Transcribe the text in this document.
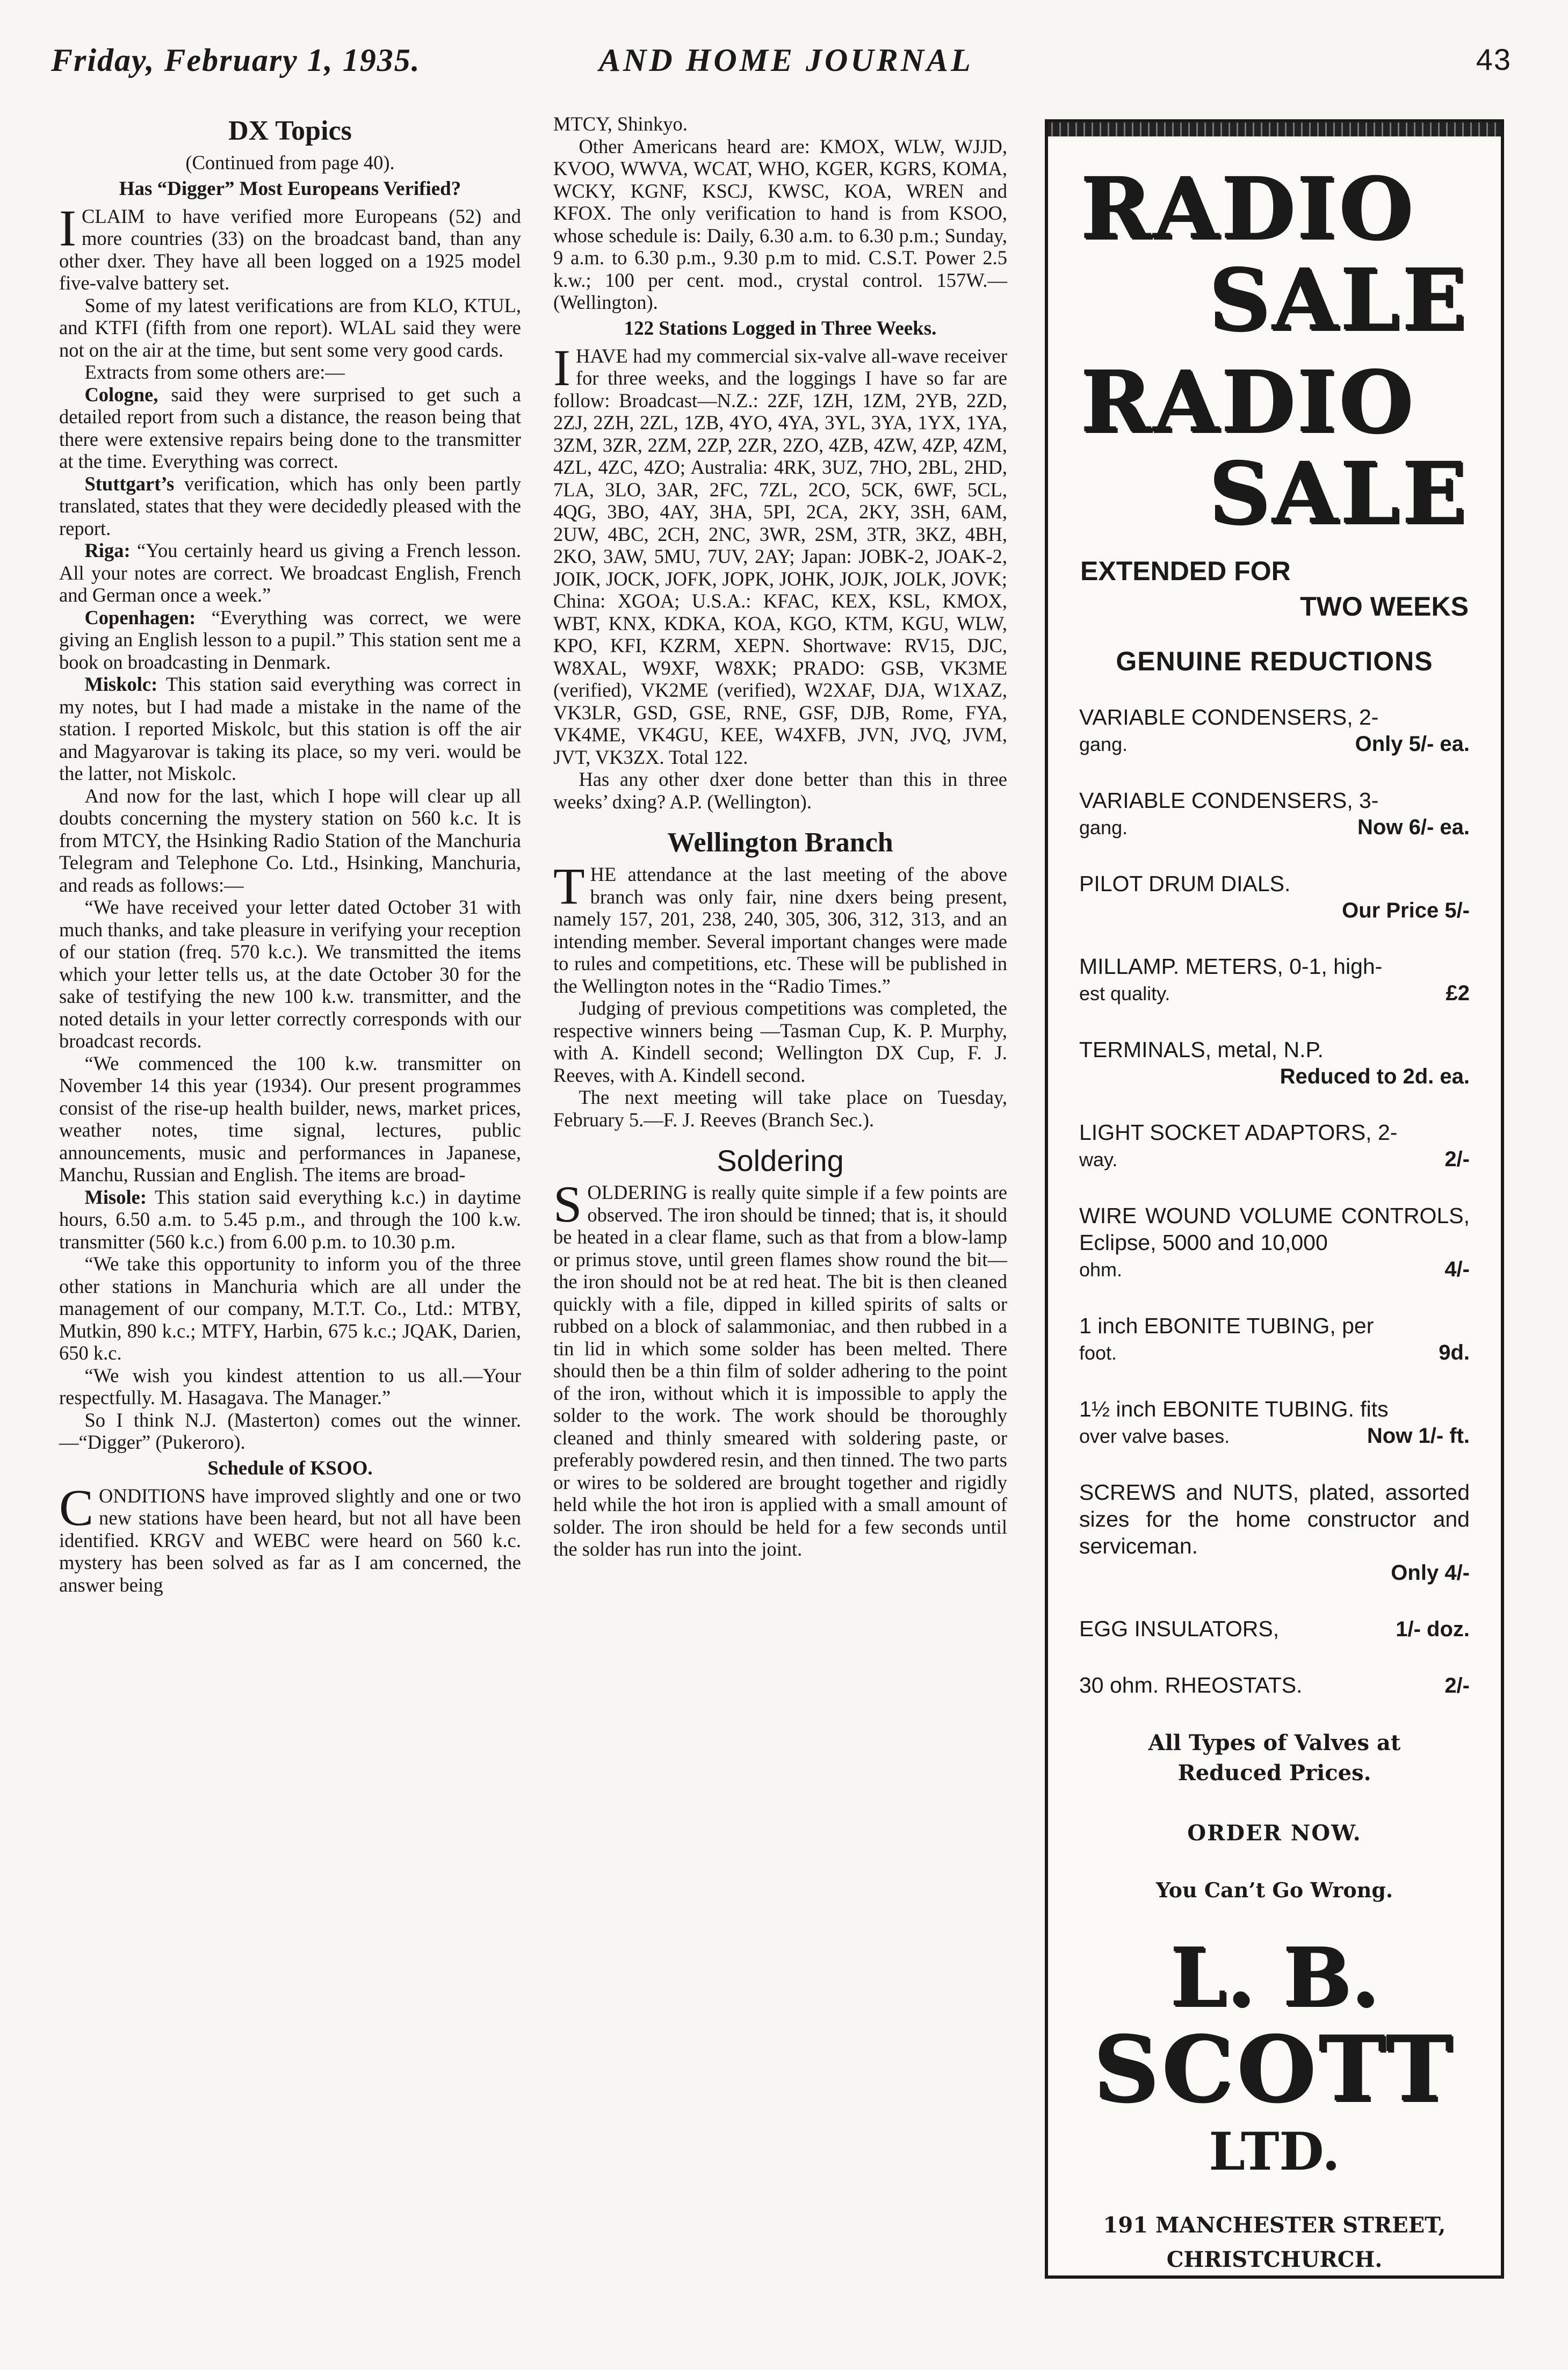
Friday, February 1, 1935.	AND HOME JOURNAL	43
DX Topics

(Continued from page 40).

Has “Digger” Most Europeans Verified?

ICLAIM to have verified more Europeans (52) and more countries (33) on the broadcast band, than any other dxer. They have all been logged on a 1925 model five-valve battery set.

Some of my latest verifications are from KLO, KTUL, and KTFI (fifth from one report). WLAL said they were not on the air at the time, but sent some very good cards.

Extracts from some others are:—

Cologne, said they were surprised to get such a detailed report from such a distance, the reason being that there were extensive repairs being done to the transmitter at the time. Everything was correct.

Stuttgart’s verification, which has only been partly translated, states that they were decidedly pleased with the report.

Riga: “You certainly heard us giving a French lesson. All your notes are correct. We broadcast English, French and German once a week.”

Copenhagen: “Everything was correct, we were giving an English lesson to a pupil.” This station sent me a book on broadcasting in Denmark.

Miskolc: This station said everything was correct in my notes, but I had made a mistake in the name of the station. I reported Miskolc, but this station is off the air and Magyarovar is taking its place, so my veri. would be the latter, not Miskolc.

And now for the last, which I hope will clear up all doubts concerning the mystery station on 560 k.c. It is from MTCY, the Hsinking Radio Station of the Manchuria Telegram and Telephone Co. Ltd., Hsinking, Manchuria, and reads as follows:—

“We have received your letter dated October 31 with much thanks, and take pleasure in verifying your reception of our station (freq. 570 k.c.). We transmitted the items which your letter tells us, at the date October 30 for the sake of testifying the new 100 k.w. transmitter, and the noted details in your letter correctly corresponds with our broadcast records.

“We commenced the 100 k.w. transmitter on November 14 this year (1934). Our present programmes consist of the rise-up health builder, news, market prices, weather notes, time signal, lectures, public announcements, music and performances in Japanese, Manchu, Russian and English. The items are broad-

Misole: This station said everything k.c.) in daytime hours, 6.50 a.m. to 5.45 p.m., and through the 100 k.w. transmitter (560 k.c.) from 6.00 p.m. to 10.30 p.m.

“We take this opportunity to inform you of the three other stations in Manchuria which are all under the management of our company, M.T.T. Co., Ltd.: MTBY, Mutkin, 890 k.c.; MTFY, Harbin, 675 k.c.; JQAK, Darien, 650 k.c.

“We wish you kindest attention to us all.—Your respectfully. M. Hasagava. The Manager.”

So I think N.J. (Masterton) comes out the winner.—“Digger” (Pukeroro).

Schedule of KSOO.

CONDITIONS have improved slightly and one or two new stations have been heard, but not all have been identified. KRGV and WEBC were heard on 560 k.c. mystery has been solved as far as I am concerned, the answer being

MTCY, Shinkyo.

Other Americans heard are: KMOX, WLW, WJJD, KVOO, WWVA, WCAT, WHO, KGER, KGRS, KOMA, WCKY, KGNF, KSCJ, KWSC, KOA, WREN and KFOX. The only verification to hand is from KSOO, whose schedule is: Daily, 6.30 a.m. to 6.30 p.m.; Sunday, 9 a.m. to 6.30 p.m., 9.30 p.m to mid. C.S.T. Power 2.5 k.w.; 100 per cent. mod., crystal control. 157W.—(Wellington).

122 Stations Logged in Three Weeks.

IHAVE had my commercial six-valve all-wave receiver for three weeks, and the loggings I have so far are follow: Broadcast—N.Z.: 2ZF, 1ZH, 1ZM, 2YB, 2ZD, 2ZJ, 2ZH, 2ZL, 1ZB, 4YO, 4YA, 3YL, 3YA, 1YX, 1YA, 3ZM, 3ZR, 2ZM, 2ZP, 2ZR, 2ZO, 4ZB, 4ZW, 4ZP, 4ZM, 4ZL, 4ZC, 4ZO; Australia: 4RK, 3UZ, 7HO, 2BL, 2HD, 7LA, 3LO, 3AR, 2FC, 7ZL, 2CO, 5CK, 6WF, 5CL, 4QG, 3BO, 4AY, 3HA, 5PI, 2CA, 2KY, 3SH, 6AM, 2UW, 4BC, 2CH, 2NC, 3WR, 2SM, 3TR, 3KZ, 4BH, 2KO, 3AW, 5MU, 7UV, 2AY; Japan: JOBK-2, JOAK-2, JOIK, JOCK, JOFK, JOPK, JOHK, JOJK, JOLK, JOVK; China: XGOA; U.S.A.: KFAC, KEX, KSL, KMOX, WBT, KNX, KDKA, KOA, KGO, KTM, KGU, WLW, KPO, KFI, KZRM, XEPN. Shortwave: RV15, DJC, W8XAL, W9XF, W8XK; PRADO: GSB, VK3ME (verified), VK2ME (verified), W2XAF, DJA, W1XAZ, VK3LR, GSD, GSE, RNE, GSF, DJB, Rome, FYA, VK4ME, VK4GU, KEE, W4XFB, JVN, JVQ, JVM, JVT, VK3ZX. Total 122.

Has any other dxer done better than this in three weeks’ dxing? A.P. (Wellington).

Wellington Branch

THE attendance at the last meeting of the above branch was only fair, nine dxers being present, namely 157, 201, 238, 240, 305, 306, 312, 313, and an intending member. Several important changes were made to rules and competitions, etc. These will be published in the Wellington notes in the “Radio Times.”

Judging of previous competitions was completed, the respective winners being —Tasman Cup, K. P. Murphy, with A. Kindell second; Wellington DX Cup, F. J. Reeves, with A. Kindell second.

The next meeting will take place on Tuesday, February 5.—F. J. Reeves (Branch Sec.).

Soldering

SOLDERING is really quite simple if a few points are observed. The iron should be tinned; that is, it should be heated in a clear flame, such as that from a blow-lamp or primus stove, until green flames show round the bit—the iron should not be at red heat. The bit is then cleaned quickly with a file, dipped in killed spirits of salts or rubbed on a block of salammoniac, and then rubbed in a tin lid in which some solder has been melted. There should then be a thin film of solder adhering to the point of the iron, without which it is impossible to apply the solder to the work. The work should be thoroughly cleaned and thinly smeared with soldering paste, or preferably powdered resin, and then tinned. The two parts or wires to be soldered are brought together and rigidly held while the hot iron is applied with a small amount of solder. The iron should be held for a few seconds until the solder has run into the joint.

RADIO
SALE
RADIO
SALE
EXTENDED FOR
TWO WEEKS
GENUINE REDUCTIONS
VARIABLE CONDENSERS, 2-
gang.	Only 5/- ea.
VARIABLE CONDENSERS, 3-
gang.	Now 6/- ea.
PILOT DRUM DIALS.
Our Price 5/-
MILLAMP. METERS, 0-1, high-
est quality.	£2
TERMINALS, metal, N.P.
Reduced to 2d. ea.
LIGHT SOCKET ADAPTORS, 2-
way.	2/-
WIRE WOUND VOLUME CONTROLS, Eclipse, 5000 and 10,000
ohm.	4/-
1 inch EBONITE TUBING, per
foot.	9d.
1½ inch EBONITE TUBING. fits
over valve bases.	Now 1/- ft.
SCREWS and NUTS, plated, assorted sizes for the home constructor and serviceman.
Only 4/-
EGG INSULATORS,	1/- doz.
30 ohm. RHEOSTATS.	2/-
All Types of Valves at
Reduced Prices.
ORDER NOW.
You Can’t Go Wrong.
L. B.
SCOTT
LTD.
191 MANCHESTER STREET,
CHRISTCHURCH.
